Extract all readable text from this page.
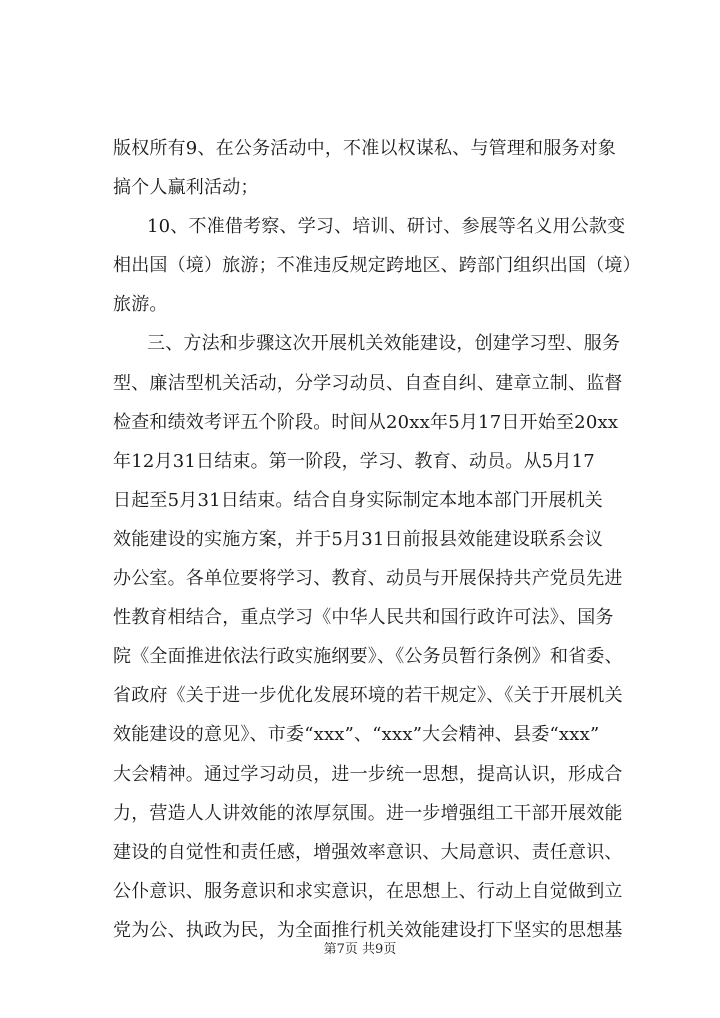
版权所有9、在公务活动中，不准以权谋私、与管理和服务对象
搞个人赢利活动；
10、不准借考察、学习、培训、研讨、参展等名义用公款变
相出国（境）旅游；不准违反规定跨地区、跨部门组织出国（境）
旅游。
三、方法和步骤这次开展机关效能建设，创建学习型、服务
型、廉洁型机关活动，分学习动员、自查自纠、建章立制、监督
检查和绩效考评五个阶段。时间从20xx年5月17日开始至20xx
年12月31日结束。第一阶段，学习、教育、动员。从5月17
日起至5月31日结束。结合自身实际制定本地本部门开展机关
效能建设的实施方案，并于5月31日前报县效能建设联系会议
办公室。各单位要将学习、教育、动员与开展保持共产党员先进
性教育相结合，重点学习《中华人民共和国行政许可法》、国务
院《全面推进依法行政实施纲要》、《公务员暂行条例》和省委、
省政府《关于进一步优化发展环境的若干规定》、《关于开展机关
效能建设的意见》、市委“xxx”、“xxx”大会精神、县委“xxx”
大会精神。通过学习动员，进一步统一思想，提高认识，形成合
力，营造人人讲效能的浓厚氛围。进一步增强组工干部开展效能
建设的自觉性和责任感，增强效率意识、大局意识、责任意识、
公仆意识、服务意识和求实意识，在思想上、行动上自觉做到立
党为公、执政为民，为全面推行机关效能建设打下坚实的思想基
第7页 共9页
